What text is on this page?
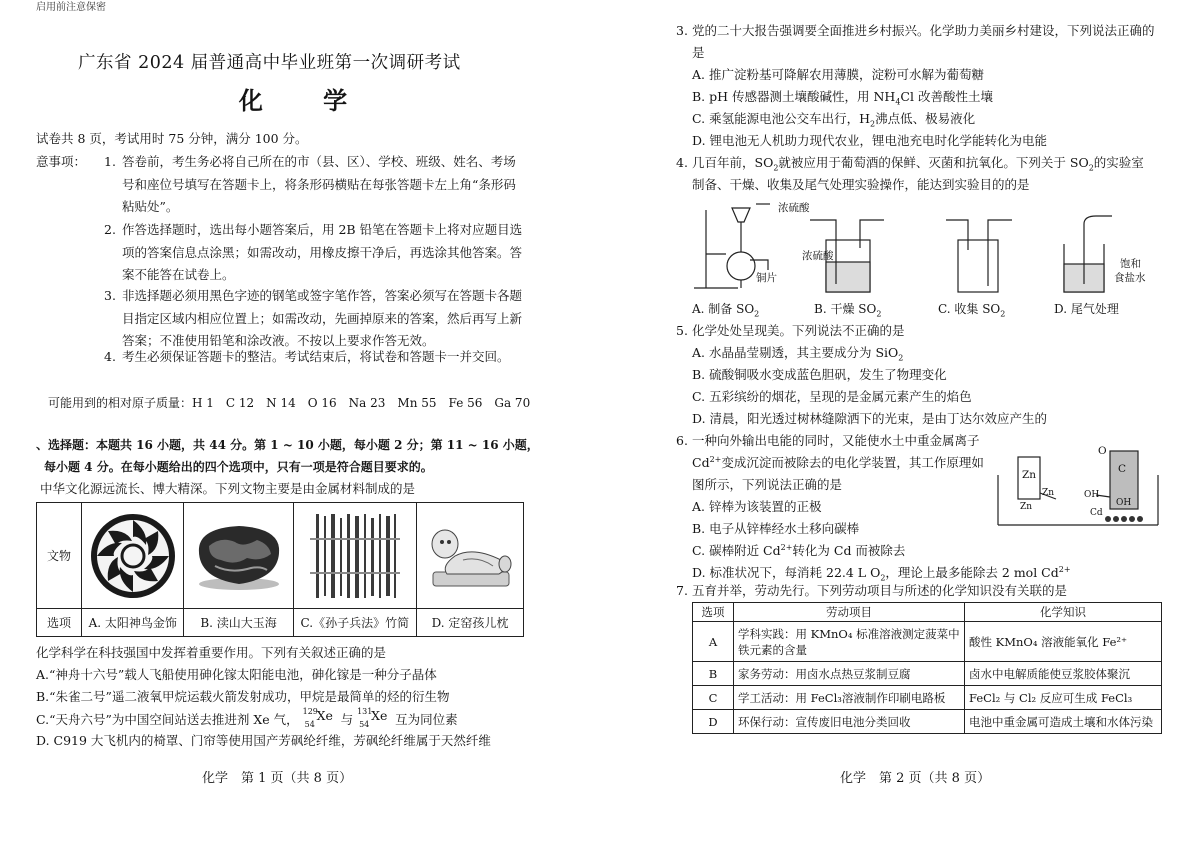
启用前注意保密
广东省 2024 届普通高中毕业班第一次调研考试
化 学
试卷共 8 页，考试用时 75 分钟，满分 100 分。
意事项： 1. 答卷前，考生务必将自己所在的市（县、区）、学校、班级、姓名、考场号和座位号填写在答题卡上，将条形码横贴在每张答题卡左上角“条形码粘贴处”。
2. 作答选择题时，选出每小题答案后，用 2B 铅笔在答题卡上将对应题目选项的答案信息点涂黑；如需改动，用橡皮擦干净后，再选涂其他答案。答案不能答在试卷上。
3. 非选择题必须用黑色字迹的钢笔或签字笔作答，答案必须写在答题卡各题目指定区域内相应位置上；如需改动，先画掉原来的答案，然后再写上新答案；不准使用铅笔和涂改液。不按以上要求作答无效。
4. 考生必须保证答题卡的整洁。考试结束后，将试卷和答题卡一并交回。
可能用到的相对原子质量：H 1　C 12　N 14　O 16　Na 23　Mn 55　Fe 56　Ga 70
、选择题：本题共 16 小题，共 44 分。第 1 ~ 10 小题，每小题 2 分；第 11 ~ 16 小题，
每小题 4 分。在每小题给出的四个选项中，只有一项是符合题目要求的。
中华文化源远流长、博大精深。下列文物主要是由金属材料制成的是
文物	

选项	A. 太阳神鸟金饰	B. 渎山大玉海	C.《孙子兵法》竹简	D. 定窑孩儿枕
化学科学在科技强国中发挥着重要作用。下列有关叙述正确的是
A.“神舟十六号”载人飞船使用砷化镓太阳能电池，砷化镓是一种分子晶体
B.“朱雀二号”遥二液氧甲烷运载火箭发射成功，甲烷是最简单的烃的衍生物
C.“天舟六号”为中国空间站送去推进剂 Xe 气，
129
54
Xe 与
131
54
Xe 互为同位素
D. C919 大飞机内的椅罩、门帘等使用国产芳砜纶纤维，芳砜纶纤维属于天然纤维
化学　第 1 页（共 8 页）
3. 党的二十大报告强调要全面推进乡村振兴。化学助力美丽乡村建设，下列说法正确的是
A. 推广淀粉基可降解农用薄膜，淀粉可水解为葡萄糖
B. pH 传感器测土壤酸碱性，用 $NH_4Cl$ 改善酸性土壤
C. 乘氢能源电池公交车出行，$H_2$沸点低、极易液化
D. 锂电池无人机助力现代农业，锂电池充电时化学能转化为电能
4. 几百年前，$SO_2$就被应用于葡萄酒的保鲜、灭菌和抗氧化。下列关于 $SO_2$的实验室
制备、干燥、收集及尾气处理实验操作，能达到实验目的的是
浓硫酸
铜片
浓硫酸
饱和
食盐水
A. 制备 $SO_2$	B. 干燥 $SO_2$	C. 收集 $SO_2$	D. 尾气处理
5. 化学处处呈现美。下列说法不正确的是
A. 水晶晶莹剔透，其主要成分为 SiO$_2$
B. 硫酸铜吸水变成蓝色胆矾，发生了物理变化
C. 五彩缤纷的烟花，呈现的是金属元素产生的焰色
D. 清晨，阳光透过树林缝隙洒下的光束，是由丁达尔效应产生的
6. 一种向外输出电能的同时，又能使水土中重金属离子
$Cd^{2+}$变成沉淀而被除去的电化学装置，其工作原理如
图所示，下列说法正确的是
A. 锌棒为该装置的正极
B. 电子从锌棒经水土移向碳棒
C. 碳棒附近 $Cd^{2+}$转化为 Cd 而被除去
D. 标准状况下，每消耗 22.4 L $O_2$，理论上最多能除去 2 mol $Cd^{2+}$
Zn	C
O
Zn
Zn
OH
OH
Cd
7. 五育并举，劳动先行。下列劳动项目与所述的化学知识没有关联的是
选项	劳动项目	化学知识
A	学科实践：用 KMnO₄ 标准溶液测定菠菜中铁元素的含量	酸性 KMnO₄ 溶液能氧化 Fe²⁺
B	家务劳动：用卤水点热豆浆制豆腐	卤水中电解质能使豆浆胶体聚沉
C	学工活动：用 FeCl₃溶液制作印刷电路板	FeCl₂ 与 Cl₂ 反应可生成 FeCl₃
D	环保行动：宣传废旧电池分类回收	电池中重金属可造成土壤和水体污染
化学　第 2 页（共 8 页）
